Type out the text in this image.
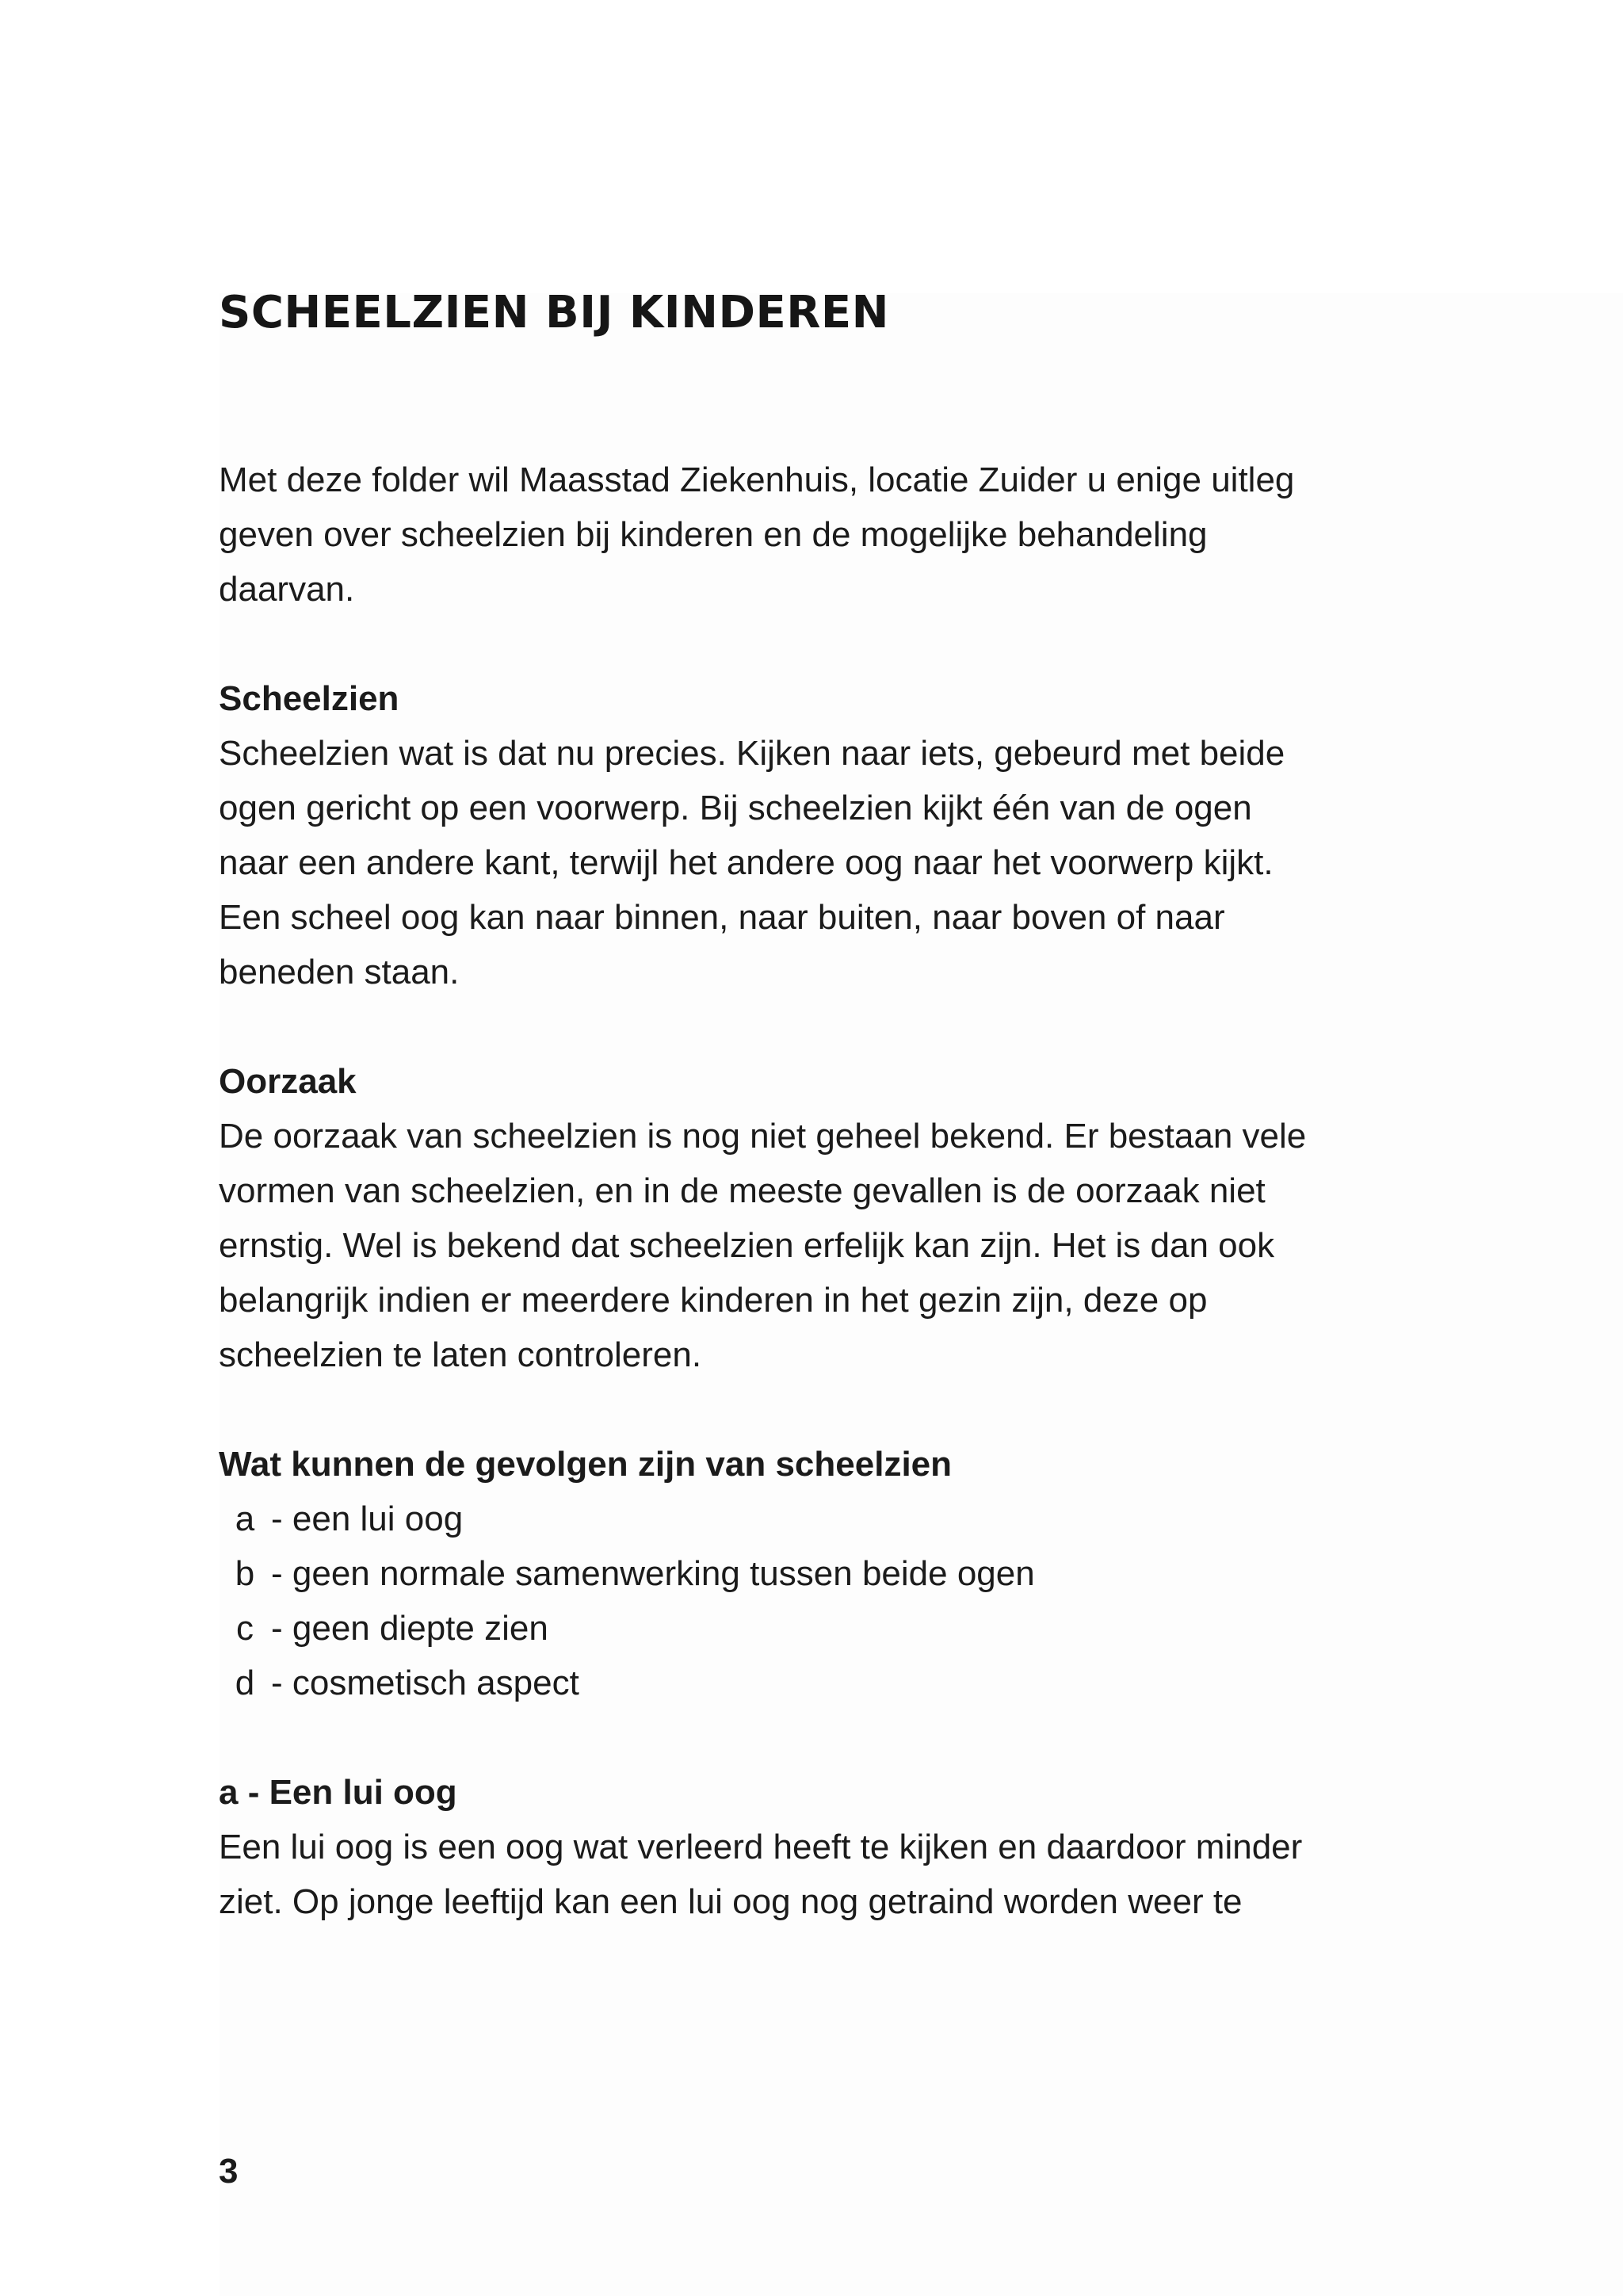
SCHEELZIEN BIJ KINDEREN

Met deze folder wil Maasstad Ziekenhuis, locatie Zuider u enige uitleg
geven over scheelzien bij kinderen en de mogelijke behandeling
daarvan.

Scheelzien

Scheelzien wat is dat nu precies. Kijken naar iets, gebeurd met beide
ogen gericht op een voorwerp. Bij scheelzien kijkt één van de ogen
naar een andere kant, terwijl het andere oog naar het voorwerp kijkt.
Een scheel oog kan naar binnen, naar buiten, naar boven of naar
beneden staan.

Oorzaak

De oorzaak van scheelzien is nog niet geheel bekend. Er bestaan vele
vormen van scheelzien, en in de meeste gevallen is de oorzaak niet
ernstig. Wel is bekend dat scheelzien erfelijk kan zijn. Het is dan ook
belangrijk indien er meerdere kinderen in het gezin zijn, deze op
scheelzien te laten controleren.

Wat kunnen de gevolgen zijn van scheelzien

a - een lui oog
b - geen normale samenwerking tussen beide ogen
c - geen diepte zien
d - cosmetisch aspect

a - Een lui oog

Een lui oog is een oog wat verleerd heeft te kijken en daardoor minder
ziet. Op jonge leeftijd kan een lui oog nog getraind worden weer te

3
